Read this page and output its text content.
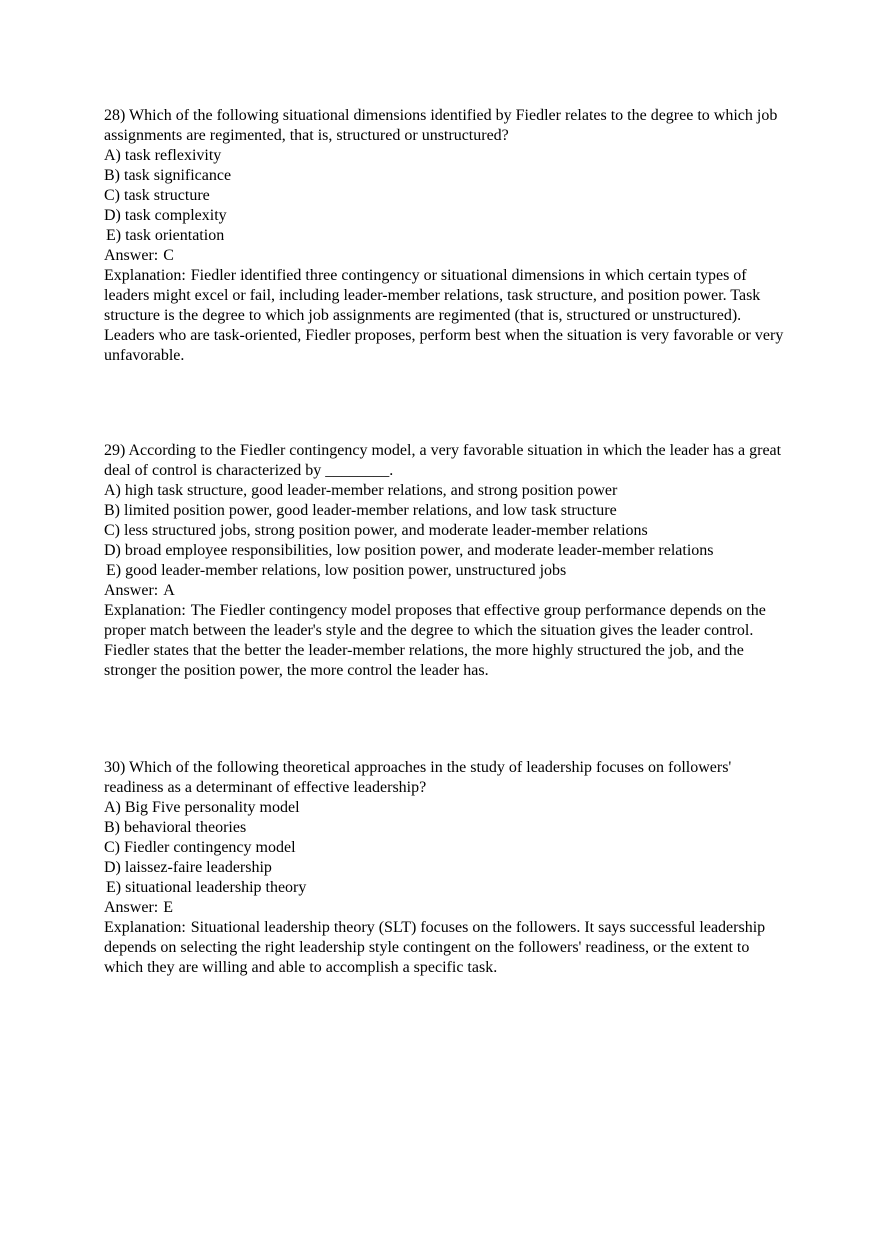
28) Which of the following situational dimensions identified by Fiedler relates to the degree to which job assignments are regimented, that is, structured or unstructured?

A) task reflexivity

B) task significance

C) task structure

D) task complexity

E) task orientation

Answer: C

Explanation: Fiedler identified three contingency or situational dimensions in which certain types of leaders might excel or fail, including leader-member relations, task structure, and position power. Task structure is the degree to which job assignments are regimented (that is, structured or unstructured). Leaders who are task-oriented, Fiedler proposes, perform best when the situation is very favorable or very unfavorable.

29) According to the Fiedler contingency model, a very favorable situation in which the leader has a great deal of control is characterized by ________.

A) high task structure, good leader-member relations, and strong position power

B) limited position power, good leader-member relations, and low task structure

C) less structured jobs, strong position power, and moderate leader-member relations

D) broad employee responsibilities, low position power, and moderate leader-member relations

E) good leader-member relations, low position power, unstructured jobs

Answer: A

Explanation: The Fiedler contingency model proposes that effective group performance depends on the proper match between the leader's style and the degree to which the situation gives the leader control. Fiedler states that the better the leader-member relations, the more highly structured the job, and the stronger the position power, the more control the leader has.

30) Which of the following theoretical approaches in the study of leadership focuses on followers' readiness as a determinant of effective leadership?

A) Big Five personality model

B) behavioral theories

C) Fiedler contingency model

D) laissez-faire leadership

E) situational leadership theory

Answer: E

Explanation: Situational leadership theory (SLT) focuses on the followers. It says successful leadership depends on selecting the right leadership style contingent on the followers' readiness, or the extent to which they are willing and able to accomplish a specific task.
